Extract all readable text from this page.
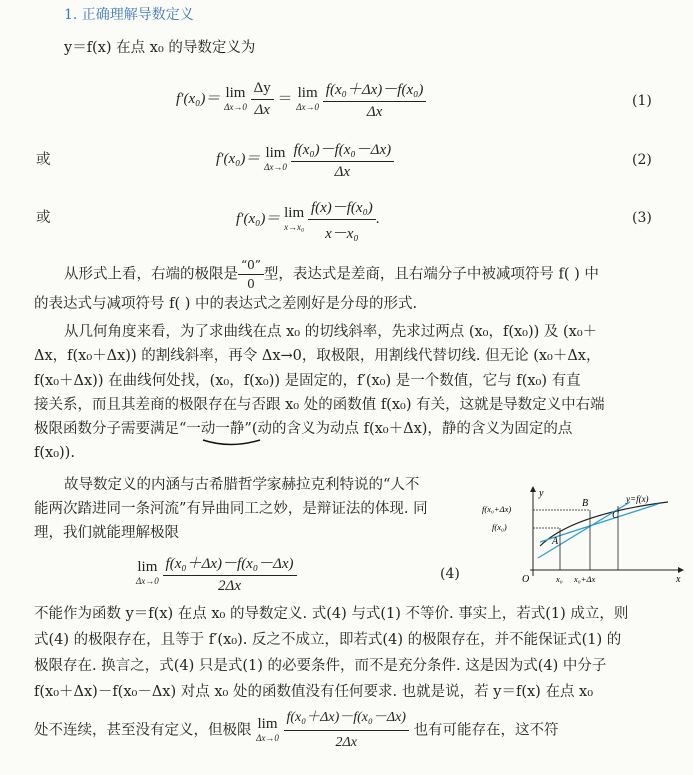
1. 正确理解导数定义
y＝f(x) 在点 x₀ 的导数定义为
f′(x₀)＝ lim
Δx→0
$\frac{\Delta y}{\Delta x} = \lim$
Δx→0
$\frac{\text{f(x₀＋Δx)－f(x₀)}}{\Delta x}$	(1)
或	f′(x₀)＝ lim
Δx→0
$\frac{\text{f(x₀)－f(x₀－Δx)}}{\Delta x}$	(2)
或	f′(x₀)＝ lim
x→x₀
$\frac{\text{f(x)－f(x₀)}}{\text{x－x₀}}$ .	(3)
从形式上看，右端的极限是 $\frac{“0”}{0}$ 型，表达式是差商，且右端分子中被减项符号 f( ) 中
的表达式与减项符号 f( ) 中的表达式之差刚好是分母的形式.
从几何角度来看，为了求曲线在点 x₀ 的切线斜率，先求过两点 (x₀，f(x₀)) 及 (x₀＋
Δx，f(x₀＋Δx)) 的割线斜率，再令 Δx→0，取极限，用割线代替切线. 但无论 (x₀＋Δx，
f(x₀＋Δx)) 在曲线何处找，(x₀，f(x₀)) 是固定的，f′(x₀) 是一个数值，它与 f(x₀) 有直
接关系，而且其差商的极限存在与否跟 x₀ 处的函数值 f(x₀) 有关，这就是导数定义中右端
极限函数分子需要满足“一动一静”(动的含义为动点 f(x₀＋Δx)，静的含义为固定的点
f(x₀)).
故导数定义的内涵与古希腊哲学家赫拉克利特说的“人不
能两次踏进同一条河流”有异曲同工之妙，是辩证法的体现. 同
理，我们就能理解极限
lim
Δx→0
$\frac{\text{f(x₀＋Δx)－f(x₀－Δx)}}{2\Delta x}$	(4)
y
x
O
f(x₀+Δx)
f(x₀)
x₀ x₀+Δx
A
B
C
y=f(x)
不能作为函数 y＝f(x) 在点 x₀ 的导数定义. 式(4) 与式(1) 不等价. 事实上，若式(1) 成立，则
式(4) 的极限存在，且等于 f′(x₀). 反之不成立，即若式(4) 的极限存在，并不能保证式(1) 的
极限存在. 换言之，式(4) 只是式(1) 的必要条件，而不是充分条件. 这是因为式(4) 中分子
f(x₀＋Δx)－f(x₀－Δx) 对点 x₀ 处的函数值没有任何要求. 也就是说，若 y＝f(x) 在点 x₀
处不连续，甚至没有定义，但极限 lim
Δx→0
$\frac{\text{f(x₀＋Δx)－f(x₀－Δx)}}{2\Delta x}$ 也有可能存在，这不符
